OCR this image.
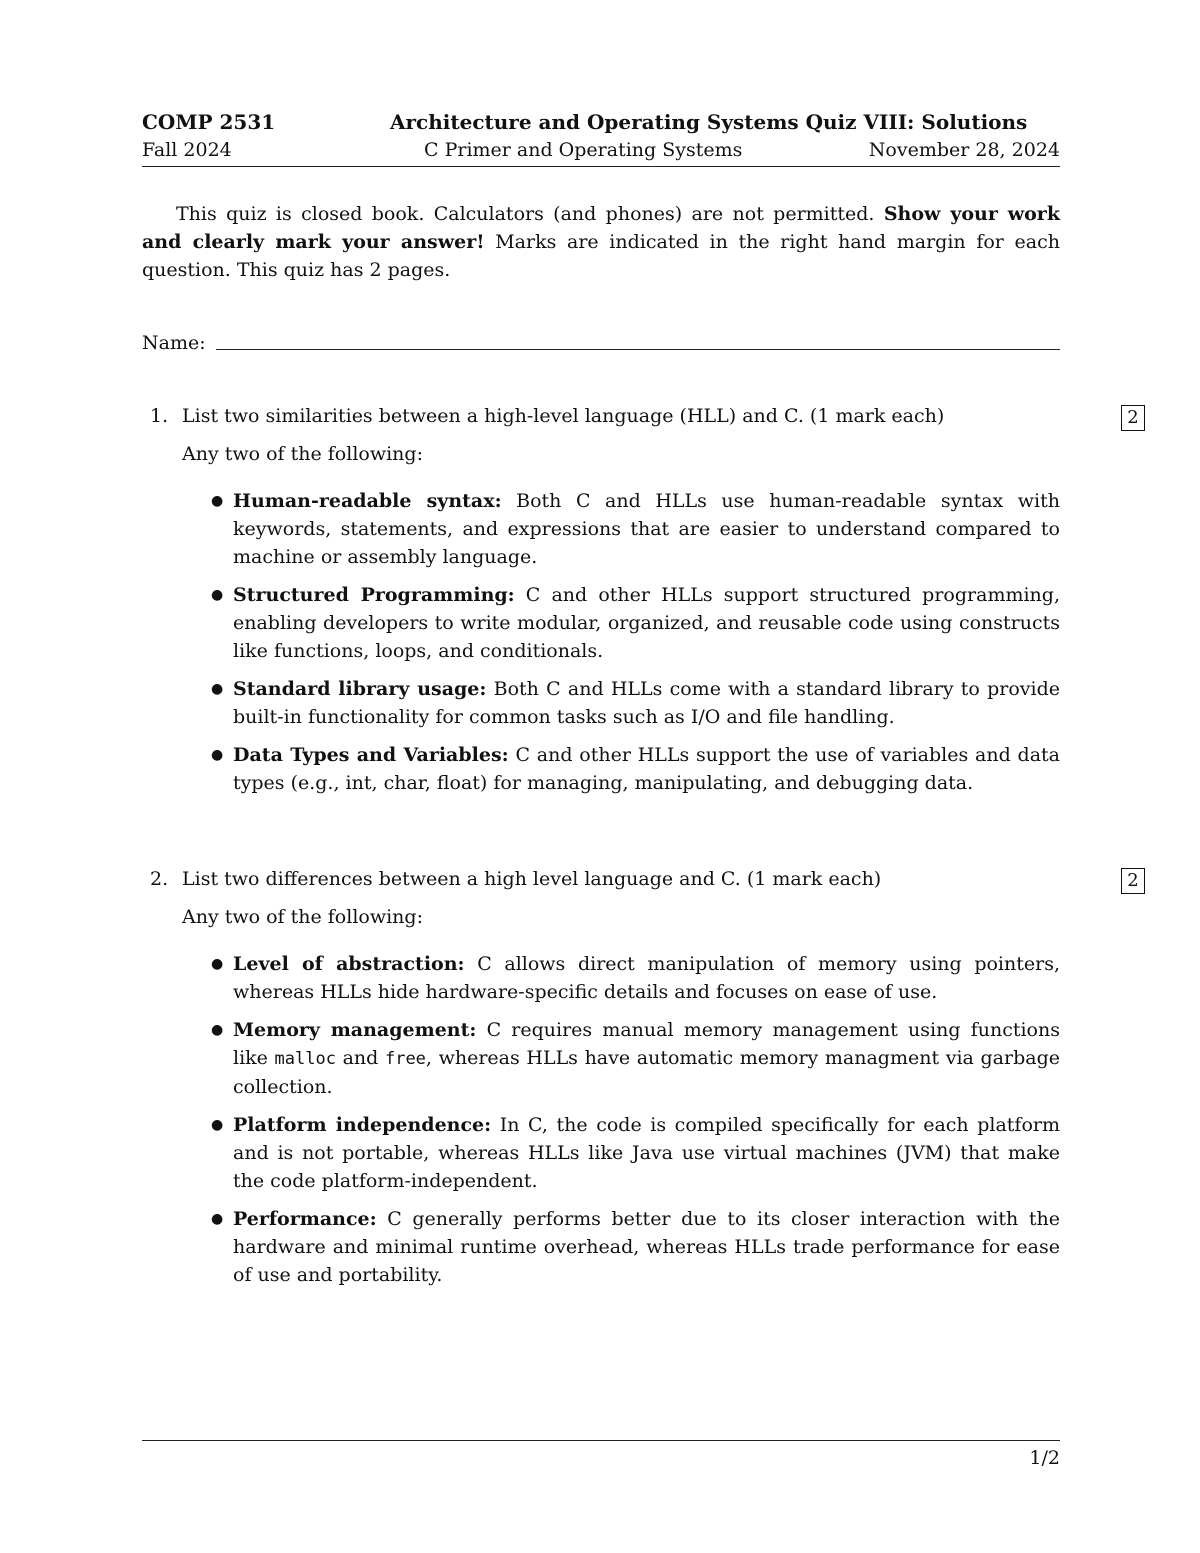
COMP 2531	Architecture and Operating Systems Quiz VIII: Solutions
Fall 2024	C Primer and Operating Systems	November 28, 2024
This quiz is closed book. Calculators (and phones) are not permitted. Show your work and clearly mark your answer! Marks are indicated in the right hand margin for each question. This quiz has 2 pages.
Name:
2
1. List two similarities between a high-level language (HLL) and C. (1 mark each)
Any two of the following:
● Human-readable syntax: Both C and HLLs use human-readable syntax with keywords, statements, and expressions that are easier to understand compared to machine or assembly language.
● Structured Programming: C and other HLLs support structured programming, enabling developers to write modular, organized, and reusable code using constructs like functions, loops, and conditionals.
● Standard library usage: Both C and HLLs come with a standard library to provide built-in functionality for common tasks such as I/O and file handling.
● Data Types and Variables: C and other HLLs support the use of variables and data types (e.g., int, char, float) for managing, manipulating, and debugging data.
2
2. List two differences between a high level language and C. (1 mark each)
Any two of the following:
● Level of abstraction: C allows direct manipulation of memory using pointers, whereas HLLs hide hardware-specific details and focuses on ease of use.
● Memory management: C requires manual memory management using functions like malloc and free, whereas HLLs have automatic memory managment via garbage collection.
● Platform independence: In C, the code is compiled specifically for each platform and is not portable, whereas HLLs like Java use virtual machines (JVM) that make the code platform-independent.
● Performance: C generally performs better due to its closer interaction with the hardware and minimal runtime overhead, whereas HLLs trade performance for ease of use and portability.
1/2
